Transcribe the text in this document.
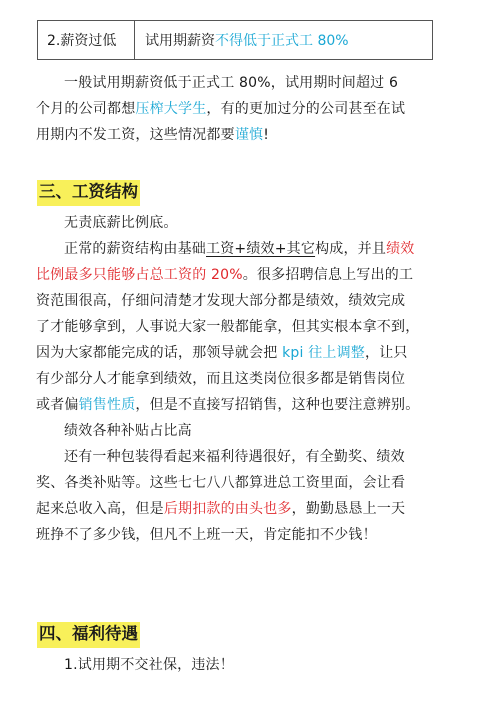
2.薪资过低	试用期薪资 不得低于正式工 80%
一般试用期薪资低于正式工 80%，试用期时间超过 6
个月的公司都想压榨大学生，有的更加过分的公司甚至在试
用期内不发工资，这些情况都要谨慎!
三、工资结构
无责底薪比例底。
正常的薪资结构由基础工资+绩效+其它构成，并且绩效
比例最多只能够占总工资的 20%。很多招聘信息上写出的工
资范围很高，仔细问清楚才发现大部分都是绩效，绩效完成
了才能够拿到，人事说大家一般都能拿，但其实根本拿不到，
因为大家都能完成的话，那领导就会把 kpi 往上调整，让只
有少部分人才能拿到绩效，而且这类岗位很多都是销售岗位
或者偏销售性质，但是不直接写招销售，这种也要注意辨别。
绩效各种补贴占比高
还有一种包装得看起来福利待遇很好，有全勤奖、绩效
奖、各类补贴等。这些七七八八都算进总工资里面，会让看
起来总收入高，但是后期扣款的由头也多，勤勤恳恳上一天
班挣不了多少钱，但凡不上班一天，肯定能扣不少钱！
四、福利待遇
1.试用期不交社保，违法！
